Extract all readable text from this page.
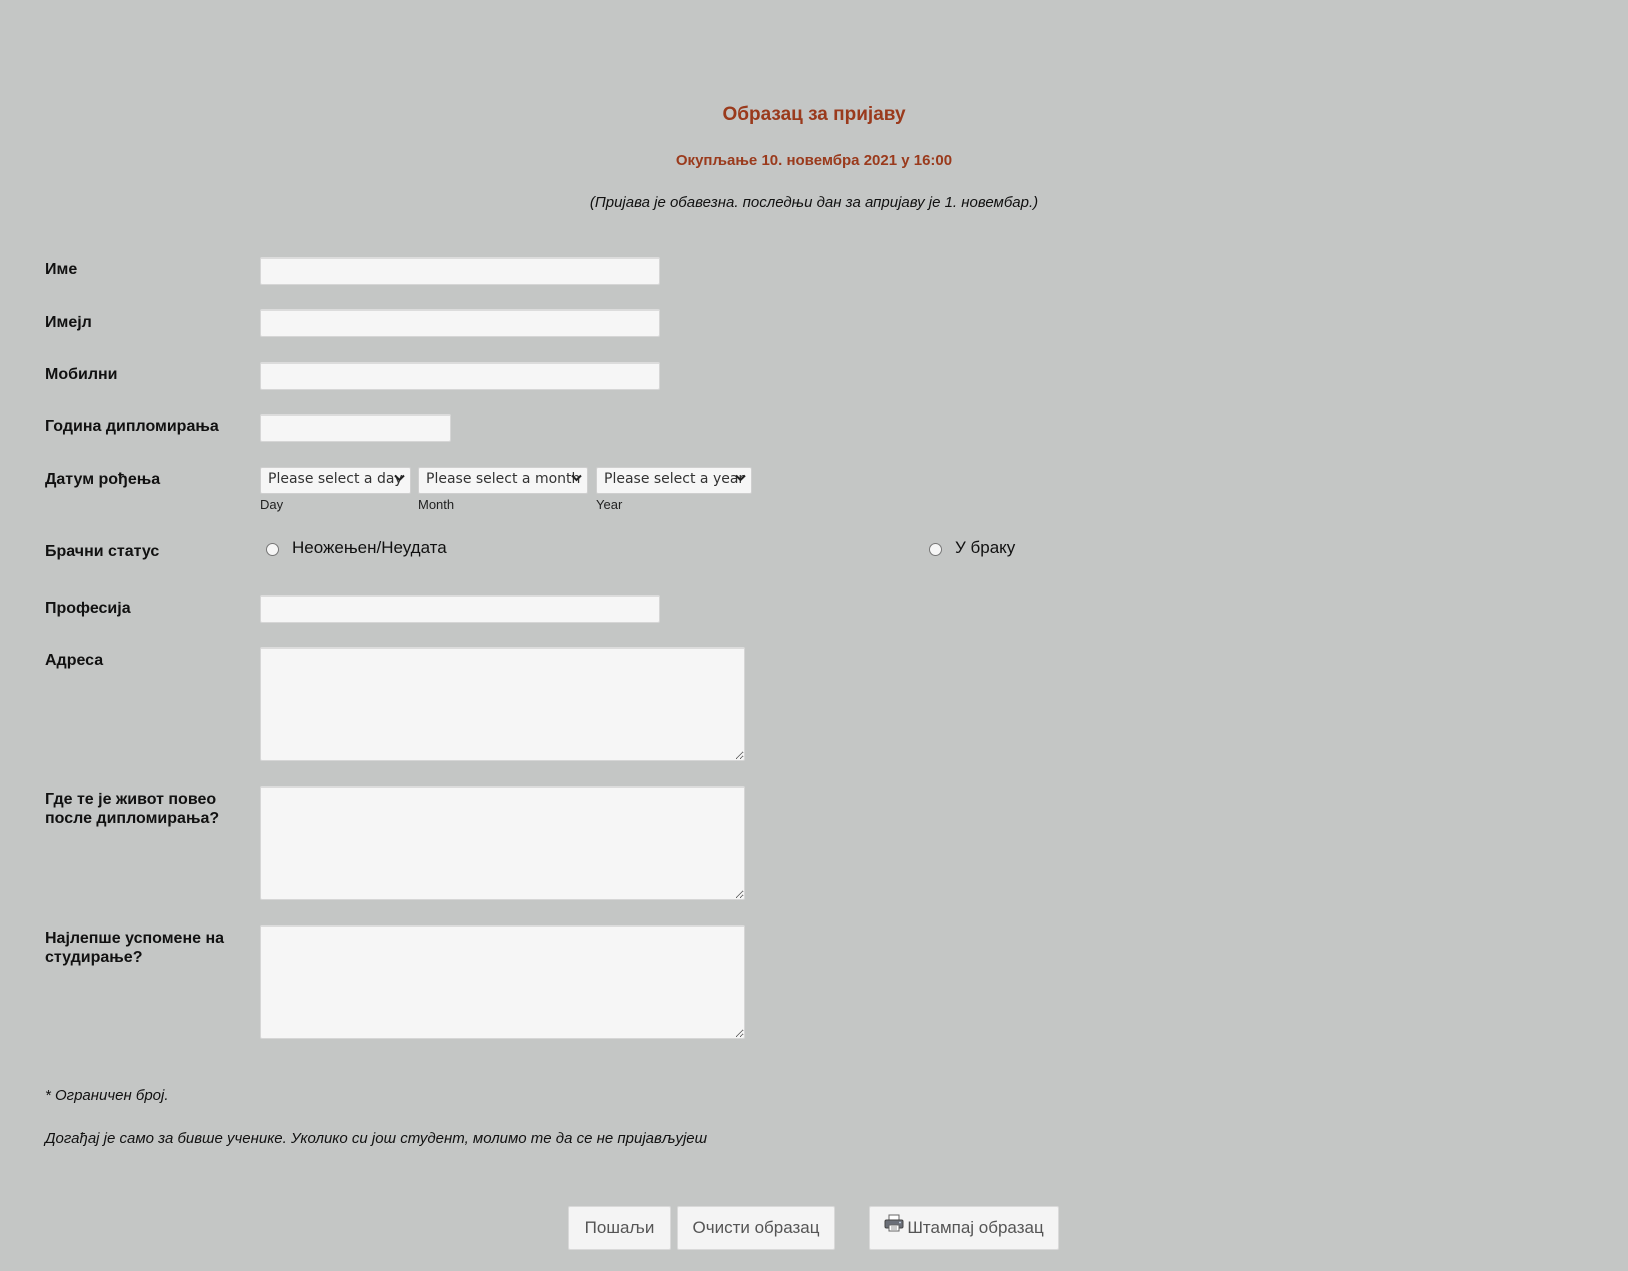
Образац за пријаву
Окупљање 10. новембра 2021 у 16:00
(Пријава је обавезна. последњи дан за апријаву је 1. новембар.)
Име
Имејл
Мобилни
Година дипломирања
Датум рођења	Please select a day	Please select a month	Please select a year
Day	Month	Year
Брачни статус	Неожењен/Неудата	У браку
Професија
Адреса
Где те је живот повео
после дипломирања?
Најлепше успомене на
студирање?
* Ограничен број.
Догађај је само за бивше ученике. Уколико си још студент, молимо те да се не пријављујеш
Пошаљи	Очисти образац	Штампај образац
